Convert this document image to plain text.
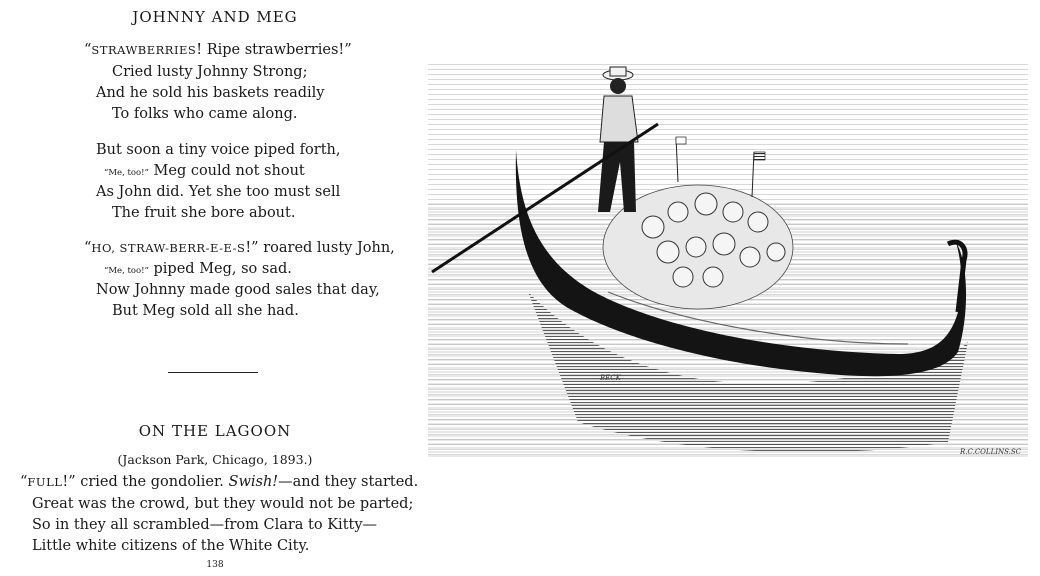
JOHNNY AND MEG
“STRAWBERRIES! Ripe strawberries!”
Cried lusty Johnny Strong;
And he sold his baskets readily
To folks who came along.
But soon a tiny voice piped forth,
“Me, too!” Meg could not shout
As John did. Yet she too must sell
The fruit she bore about.
“HO, STRAW-BERR-E-E-S!” roared lusty John,
“Me, too!” piped Meg, so sad.
Now Johnny made good sales that day,
But Meg sold all she had.
ON THE LAGOON
(Jackson Park, Chicago, 1893.)
“FULL!” cried the gondolier. Swish!—and they started.
Great was the crowd, but they would not be parted;
So in they all scrambled—from Clara to Kitty—
Little white citizens of the White City.
138
BECK
R.C.COLLINS.SC
